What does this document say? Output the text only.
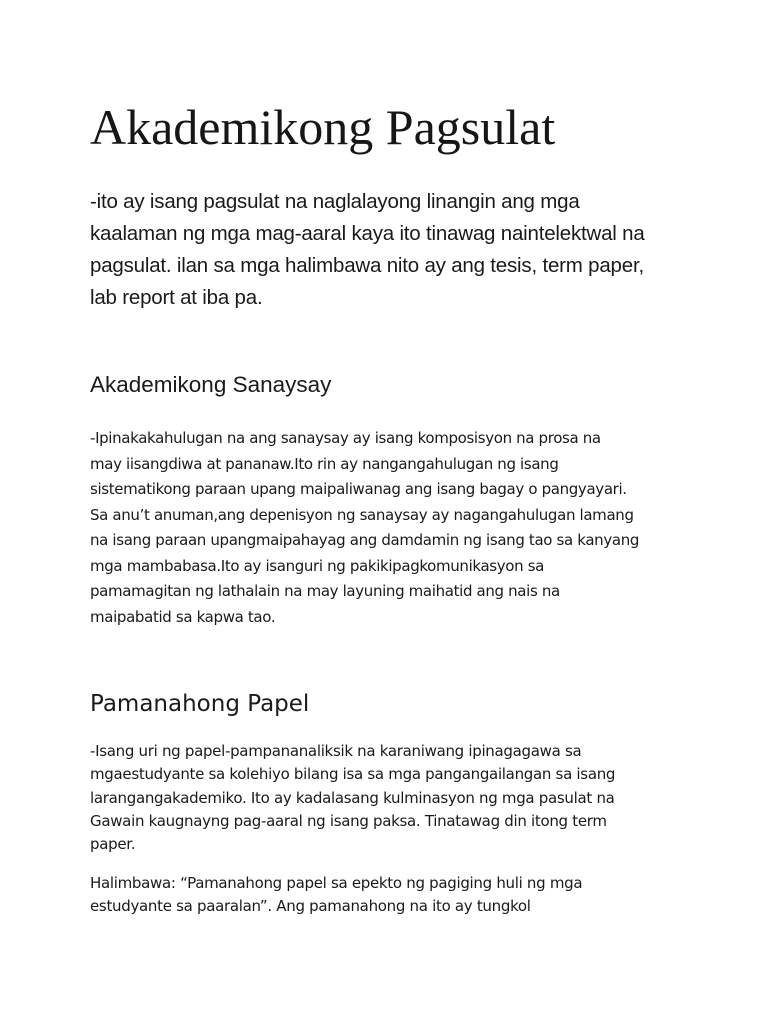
Akademikong Pagsulat

-ito ay isang pagsulat na naglalayong linangin ang mga
kaalaman ng mga mag-aaral kaya ito tinawag naintelektwal na
pagsulat. ilan sa mga halimbawa nito ay ang tesis, term paper,
lab report at iba pa.

Akademikong Sanaysay

-Ipinakakahulugan na ang sanaysay ay isang komposisyon na prosa na
may iisangdiwa at pananaw.Ito rin ay nangangahulugan ng isang
sistematikong paraan upang maipaliwanag ang isang bagay o pangyayari.
Sa anu’t anuman,ang depenisyon ng sanaysay ay nagangahulugan lamang
na isang paraan upangmaipahayag ang damdamin ng isang tao sa kanyang
mga mambabasa.Ito ay isanguri ng pakikipagkomunikasyon sa
pamamagitan ng lathalain na may layuning maihatid ang nais na
maipabatid sa kapwa tao.

Pamanahong Papel

-Isang uri ng papel-pampananaliksik na karaniwang ipinagagawa sa
mgaestudyante sa kolehiyo bilang isa sa mga pangangailangan sa isang
larangangakademiko. Ito ay kadalasang kulminasyon ng mga pasulat na
Gawain kaugnayng pag-aaral ng isang paksa. Tinatawag din itong term
paper.

Halimbawa: “Pamanahong papel sa epekto ng pagiging huli ng mga
estudyante sa paaralan”. Ang pamanahong na ito ay tungkol
